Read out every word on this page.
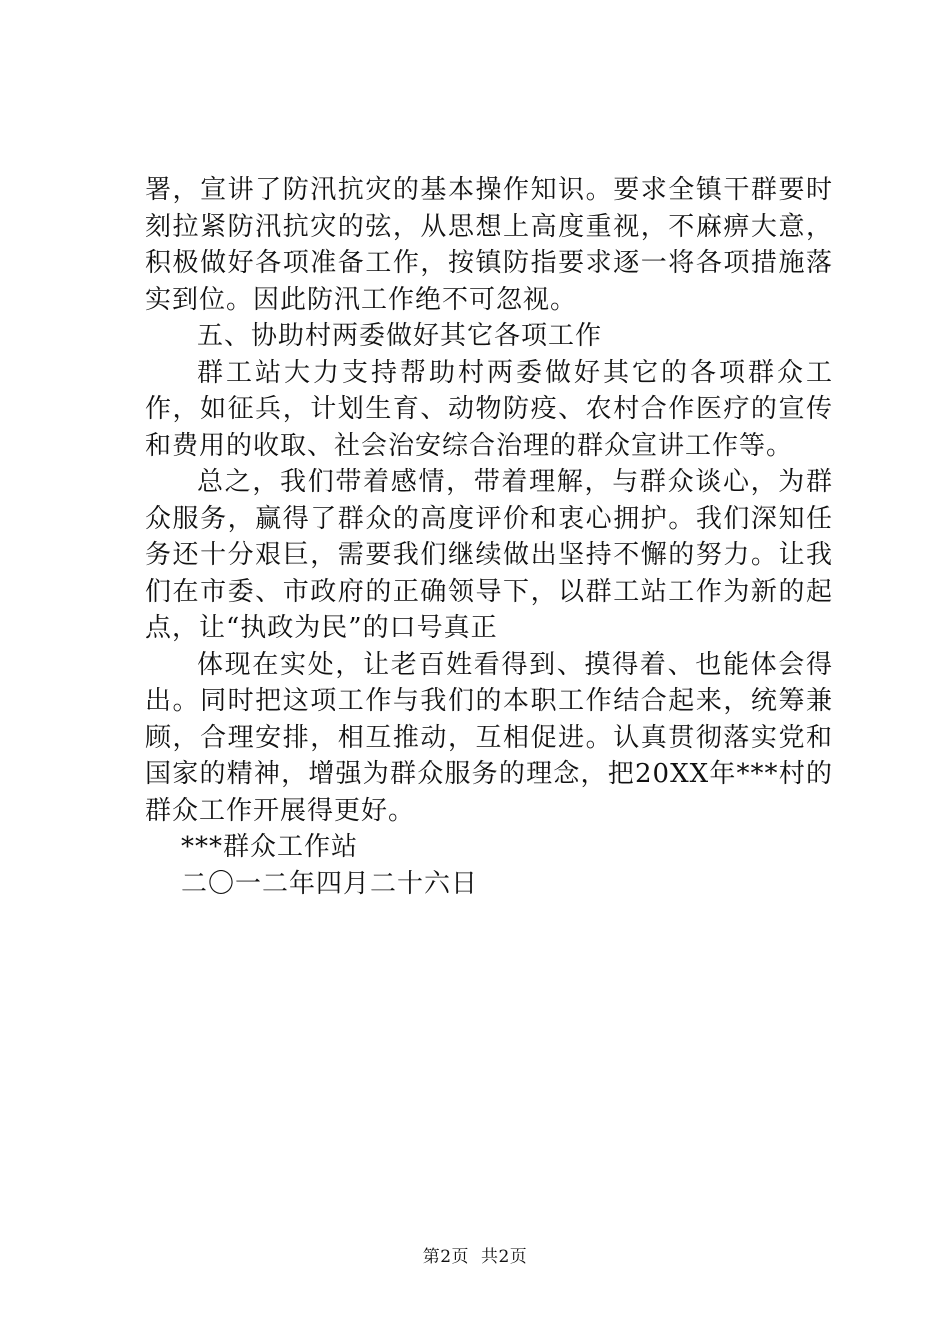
署，宣讲了防汛抗灾的基本操作知识。要求全镇干群要时刻拉紧防汛抗灾的弦，从思想上高度重视，不麻痹大意，积极做好各项准备工作，按镇防指要求逐一将各项措施落实到位。因此防汛工作绝不可忽视。

五、协助村两委做好其它各项工作

群工站大力支持帮助村两委做好其它的各项群众工作，如征兵，计划生育、动物防疫、农村合作医疗的宣传和费用的收取、社会治安综合治理的群众宣讲工作等。

总之，我们带着感情，带着理解，与群众谈心，为群众服务，赢得了群众的高度评价和衷心拥护。我们深知任务还十分艰巨，需要我们继续做出坚持不懈的努力。让我们在市委、市政府的正确领导下，以群工站工作为新的起点，让“执政为民”的口号真正

体现在实处，让老百姓看得到、摸得着、也能体会得出。同时把这项工作与我们的本职工作结合起来，统筹兼顾，合理安排，相互推动，互相促进。认真贯彻落实党和国家的精神，增强为群众服务的理念，把20XX年***村的群众工作开展得更好。

***群众工作站

二〇一二年四月二十六日

第2页 共2页
